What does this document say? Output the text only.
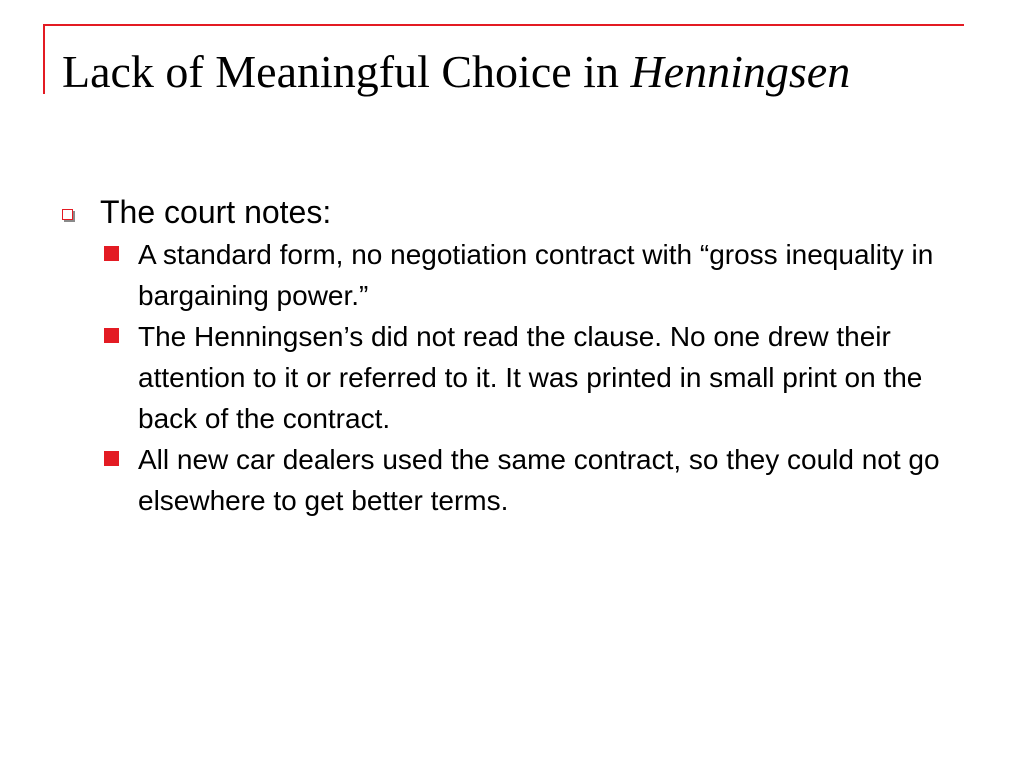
Lack of Meaningful Choice in Henningsen
The court notes:
A standard form, no negotiation contract with “gross inequality in bargaining power.”
The Henningsen’s did not read the clause. No one drew their attention to it or referred to it. It was printed in small print on the back of the contract.
All new car dealers used the same contract, so they could not go elsewhere to get better terms.
